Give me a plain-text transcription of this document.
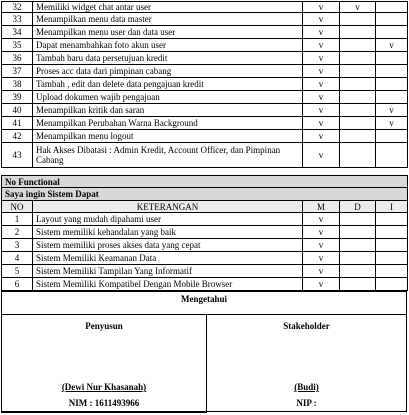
32	Memiliki widget chat antar user	v	v	
33	Menampilkan menu data master	v		
34	Menampilkan menu user dan data user	v		
35	Dapat menambahkan foto akun user	v		v
36	Tambah baru data persetujuan kredit	v		
37	Proses acc data dari pimpinan cabang	v		
38	Tambah , edit dan delete data pengajuan kredit	v		
39	Upload dokumen wajib pengajuan	v		
40	Menampilkan kritik dan saran	v		v
41	Menampilkan Perubahan Warna Background	v		v
42	Menampilkan menu logout	v		
43	Hak Akses Dibatasi : Admin Kredit, Account Officer, dan Pimpinan Cabang	v		
No Functional				
Saya ingin Sistem Dapat				
NO	KETERANGAN	M	D	I
1	Layout yang mudah dipahami user	v		
2	Sistem memiliki kehandalan yang baik	v		
3	Sistem memiliki proses akses data yang cepat	v		
4	Sistem Memiliki Keamanan Data	v		
5	Sistem Memiliki Tampilan Yang Informatif	v		
6	Sistem Memiliki Kompatibel Dengan Mobile Browser	v		
Mengetahui
Penyusun
(Dewi Nur Khasanah)
NIM : 1611493966
Stakeholder
(Budi)
NIP :
